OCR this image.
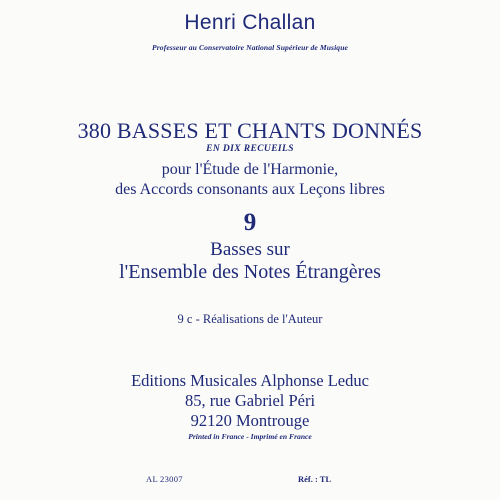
Henri Challan
Professeur au Conservatoire National Supérieur de Musique
380 BASSES ET CHANTS DONNÉS
EN DIX RECUEILS
pour l'Étude de l'Harmonie,
des Accords consonants aux Leçons libres
9
Basses sur
l'Ensemble des Notes Étrangères
9 c - Réalisations de l'Auteur
Editions Musicales Alphonse Leduc
85, rue Gabriel Péri
92120 Montrouge
Printed in France - Imprimé en France
AL 23007	Réf. : TL
